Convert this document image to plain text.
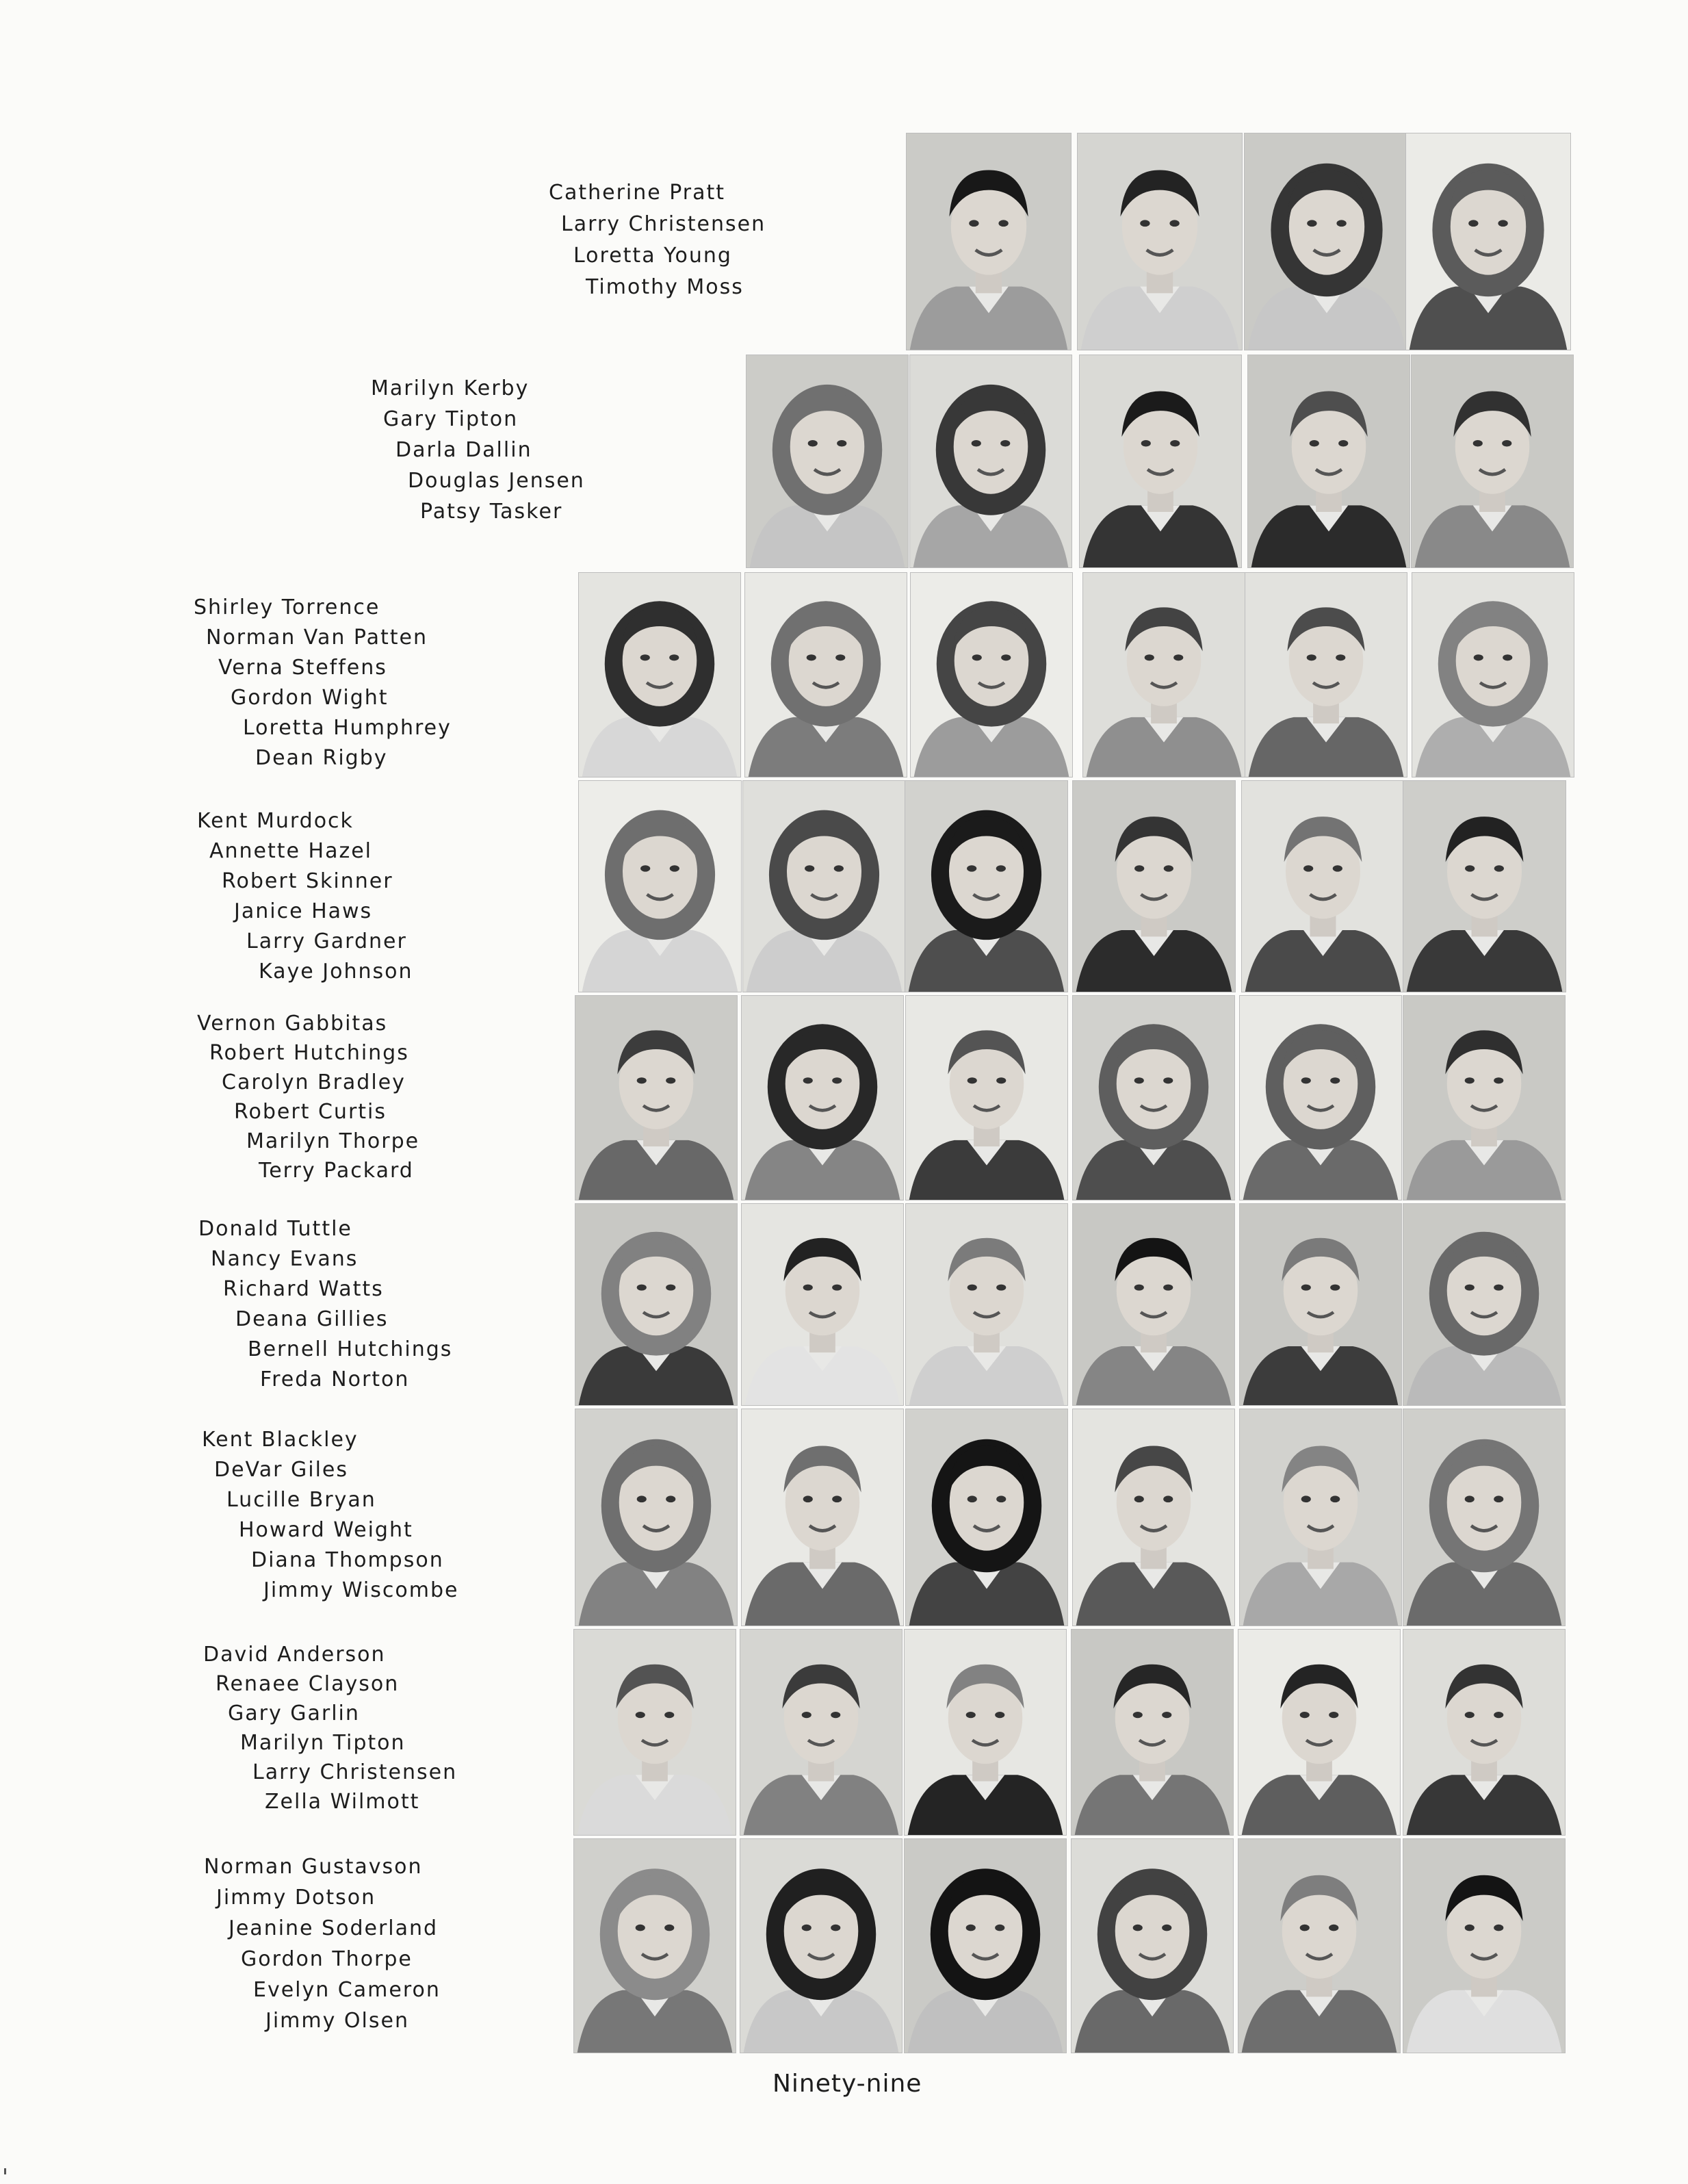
Catherine Pratt
Larry Christensen
Loretta Young
Timothy Moss
Marilyn Kerby
Gary Tipton
Darla Dallin
Douglas Jensen
Patsy Tasker
Shirley Torrence
Norman Van Patten
Verna Steffens
Gordon Wight
Loretta Humphrey
Dean Rigby
Kent Murdock
Annette Hazel
Robert Skinner
Janice Haws
Larry Gardner
Kaye Johnson
Vernon Gabbitas
Robert Hutchings
Carolyn Bradley
Robert Curtis
Marilyn Thorpe
Terry Packard
Donald Tuttle
Nancy Evans
Richard Watts
Deana Gillies
Bernell Hutchings
Freda Norton
Kent Blackley
DeVar Giles
Lucille Bryan
Howard Weight
Diana Thompson
Jimmy Wiscombe
David Anderson
Renaee Clayson
Gary Garlin
Marilyn Tipton
Larry Christensen
Zella Wilmott
Norman Gustavson
Jimmy Dotson
Jeanine Soderland
Gordon Thorpe
Evelyn Cameron
Jimmy Olsen
Ninety-nine
